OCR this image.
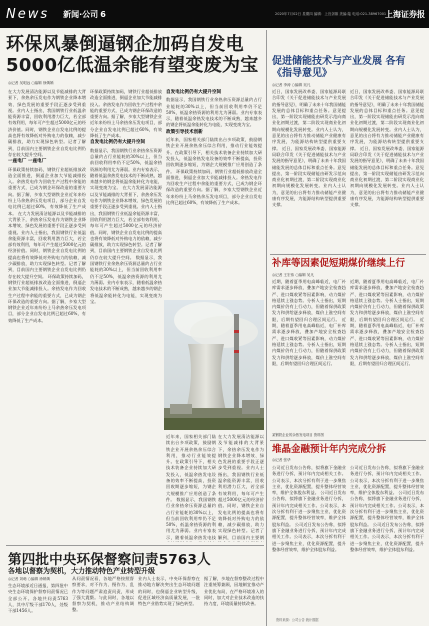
News 新闻·公司 6	2020年7月02日 星期四 编辑：上官剑雄 美编:陆 电话:021-38967001
上海证券报
环保风暴倒逼钢企加码自发电 5000亿低温余能有望变废为宝
◎记者 吴明远 ○编辑 徐嫣嫣
在大力发展清洁能源以及节能减排的大背景下，余热余压发电作为钢铁企业降本增效、绿色发展的重要手段正逐步受到重视。业内人士指出，我国钢铁行业低温余能资源丰富，回收利用潜力巨大，若全部有效利用，每年可产生超过5000亿元的经济价值。同时，钢铁企业自发电比例的提高也将有效降低对外购电力的依赖，减少碳排放，助力实现绿色转型。记者了解到，目前国内主要钢铁企业自发电比例仍存在较大提升空间。
一座电厂 一座电厂
环保政策持续加码，钢铁行业超低排放改造全面推进，倒逼企业加大节能减排投入。余热发电作为回收生产过程中余能的重要方式，已成为钢企环保改造的重要方向。据了解，多家大型钢铁企业近年来纷纷上马余热余压发电项目，部分企业自发电比例已超过60%，有效降低了生产成本。 在大力发展清洁能源以及节能减排的大背景下，余热余压发电作为钢铁企业降本增效、绿色发展的重要手段正逐步受到重视。业内人士指出，我国钢铁行业低温余能资源丰富，回收利用潜力巨大，若全部有效利用，每年可产生超过5000亿元的经济价值。同时，钢铁企业自发电比例的提高也将有效降低对外购电力的依赖，减少碳排放，助力实现绿色转型。记者了解到，目前国内主要钢铁企业自发电比例仍存在较大提升空间。 环保政策持续加码，钢铁行业超低排放改造全面推进，倒逼企业加大节能减排投入。余热发电作为回收生产过程中余能的重要方式，已成为钢企环保改造的重要方向。据了解，多家大型钢铁企业近年来纷纷上马余热余压发电项目，部分企业自发电比例已超过60%，有效降低了生产成本。
环保政策持续加码，钢铁行业超低排放改造全面推进，倒逼企业加大节能减排投入。余热发电作为回收生产过程中余能的重要方式，已成为钢企环保改造的重要方向。据了解，多家大型钢铁企业近年来纷纷上马余热余压发电项目，部分企业自发电比例已超过60%，有效降低了生产成本。
自发电比例仍有大提升空间
数据显示，我国钢铁行业余热余压资源总量约占行业能耗的30%以上，但当前回收利用率仍不足50%，低温余热资源的利用尤为薄弱。业内专家表示，随着低温余热发电技术的不断成熟，越来越多的钢企将低温余能转化为电能，实现变废为宝。 在大力发展清洁能源以及节能减排的大背景下，余热余压发电作为钢铁企业降本增效、绿色发展的重要手段正逐步受到重视。业内人士指出，我国钢铁行业低温余能资源丰富，回收利用潜力巨大，若全部有效利用，每年可产生超过5000亿元的经济价值。同时，钢铁企业自发电比例的提高也将有效降低对外购电力的依赖，减少碳排放，助力实现绿色转型。记者了解到，目前国内主要钢铁企业自发电比例仍存在较大提升空间。 数据显示，我国钢铁行业余热余压资源总量约占行业能耗的30%以上，但当前回收利用率仍不足50%，低温余热资源的利用尤为薄弱。业内专家表示，随着低温余热发电技术的不断成熟，越来越多的钢企将低温余能转化为电能，实现变废为宝。
自发电比例仍有大提升空间
数据显示，我国钢铁行业余热余压资源总量约占行业能耗的30%以上，但当前回收利用率仍不足50%，低温余热资源的利用尤为薄弱。业内专家表示，随着低温余热发电技术的不断成熟，越来越多的钢企将低温余能转化为电能，实现变废为宝。
政策引导技术创新
近年来，国家相关部门陆续出台多项政策，鼓励钢铁企业开展余热余压综合利用，推动行业能效提升。在政策引导下，相关技术装备企业持续加大研发投入，低温余热发电设备的效率不断提高，投资回收期逐步缩短，为钢企大规模推广应用创造了条件。 环保政策持续加码，钢铁行业超低排放改造全面推进，倒逼企业加大节能减排投入。余热发电作为回收生产过程中余能的重要方式，已成为钢企环保改造的重要方向。据了解，多家大型钢铁企业近年来纷纷上马余热余压发电项目，部分企业自发电比例已超过60%，有效降低了生产成本。
近年来，国家相关部门陆续出台多项政策，鼓励钢铁企业开展余热余压综合利用，推动行业能效提升。在政策引导下，相关技术装备企业持续加大研发投入，低温余热发电设备的效率不断提高，投资回收期逐步缩短，为钢企大规模推广应用创造了条件。 数据显示，我国钢铁行业余热余压资源总量约占行业能耗的30%以上，但当前回收利用率仍不足50%，低温余热资源的利用尤为薄弱。业内专家表示，随着低温余热发电技
在大力发展清洁能源以及节能减排的大背景下，余热余压发电作为钢铁企业降本增效、绿色发展的重要手段正逐步受到重视。业内人士指出，我国钢铁行业低温余能资源丰富，回收利用潜力巨大，若全部有效利用，每年可产生超过5000亿元的经济价值。同时，钢铁企业自发电比例的提高也将有效降低对外购电力的依赖，减少碳排放，助力实现绿色转型。记者了解到，目前国内主要钢
某钢铁企业的余热发电项目 资料图
促进储能技术与产业发展 各有《指导意见》
◎记者 李涛 ○编辑 吴凡
近日，国家发展改革委、国家能源局联合印发《关于促进储能技术与产业发展的指导意见》，明确了未来十年我国储能发展的总体目标和重点任务。意见提出，第一阶段实现储能由研发示范向商业化初期过渡，第二阶段实现商业化初期向规模化发展转变。业内人士认为，意见的出台将有力推动储能产业健康有序发展，为能源结构转型提供重要支撑。 近日，国家发展改革委、国家能源局联合印发《关于促进储能技术与产业发展的指导意见》，明确了未来十年我国储能发展的总体目标和重点任务。意见提出，第一阶段实现储能由研发示范向商业化初期过渡，第二阶段实现商业化初期向规模化发展转变。业内人士认为，意见的出台将有力推动储能产业健康有序发展，为能源结构转型提供重要支撑。
近日，国家发展改革委、国家能源局联合印发《关于促进储能技术与产业发展的指导意见》，明确了未来十年我国储能发展的总体目标和重点任务。意见提出，第一阶段实现储能由研发示范向商业化初期过渡，第二阶段实现商业化初期向规模化发展转变。业内人士认为，意见的出台将有力推动储能产业健康有序发展，为能源结构转型提供重要支撑。 近日，国家发展改革委、国家能源局联合印发《关于促进储能技术与产业发展的指导意见》，明确了未来十年我国储能发展的总体目标和重点任务。意见提出，第一阶段实现储能由研发示范向商业化初期过渡，第二阶段实现商业化初期向规模化发展转变。业内人士认为，意见的出台将有力推动储能产业健康有序发展，为能源结构转型提供重要支撑。
补库等因素促短期煤价继续上行
◎记者 王宏伟 ○编辑 吴凡
近期，随着夏季用电高峰临近，电厂补库需求逐步释放，叠加产地安全检查趋严、进口煤收紧等因素影响，动力煤价格延续上涨态势。分析人士指出，短期内煤价仍有上行动力，但随着保供政策发力和供给逐步释放，煤价上涨空间有限，后期有望回归合理区间运行。 近期，随着夏季用电高峰临近，电厂补库需求逐步释放，叠加产地安全检查趋严、进口煤收紧等因素影响，动力煤价格延续上涨态势。分析人士指出，短期内煤价仍有上行动力，但随着保供政策发力和供给逐步释放，煤价上涨空间有限，后期有望回归合理区间运行。
近期，随着夏季用电高峰临近，电厂补库需求逐步释放，叠加产地安全检查趋严、进口煤收紧等因素影响，动力煤价格延续上涨态势。分析人士指出，短期内煤价仍有上行动力，但随着保供政策发力和供给逐步释放，煤价上涨空间有限，后期有望回归合理区间运行。 近期，随着夏季用电高峰临近，电厂补库需求逐步释放，叠加产地安全检查趋严、进口煤收紧等因素影响，动力煤价格延续上涨态势。分析人士指出，短期内煤价仍有上行动力，但随着保供政策发力和供给逐步释放，煤价上涨空间有限，后期有望回归合理区间运行。
堆晶金融预计年内完成分拆
◎记者 张华
公司近日发布公告称，拟将旗下金融业务进行分拆，预计年内完成相关工作。公司表示，本次分拆有利于进一步聚焦主业，优化资源配置，提升整体经营效率，维护全体股东利益。 公司近日发布公告称，拟将旗下金融业务进行分拆，预计年内完成相关工作。公司表示，本次分拆有利于进一步聚焦主业，优化资源配置，提升整体经营效率，维护全体股东利益。 公司近日发布公告称，拟将旗下金融业务进行分拆，预计年内完成相关工作。公司表示，本次分拆有利于进一步聚焦主业，优化资源配置，提升整体经营效率，维护全体股东利益。
公司近日发布公告称，拟将旗下金融业务进行分拆，预计年内完成相关工作。公司表示，本次分拆有利于进一步聚焦主业，优化资源配置，提升整体经营效率，维护全体股东利益。 公司近日发布公告称，拟将旗下金融业务进行分拆，预计年内完成相关工作。公司表示，本次分拆有利于进一步聚焦主业，优化资源配置，提升整体经营效率，维护全体股东利益。 公司近日发布公告称，拟将旗下金融业务进行分拆，预计年内完成相关工作。公司表示，本次分拆有利于进一步聚焦主业，优化资源配置，提升整体经营效率，维护全体股东利益。
资料来源：公司公告 统计数据
第四批中央环保督察问责5763人
各地以督察为契机，大力推动特色产业转型升级
◎记者 刘萌 ○编辑 徐嫣嫣
生态环境部近日通报，第四批中央生态环境保护督察问责情况已全部公开。各地共问责5763人，其中厅级干部170人，处级干部1456人。
从问责情况看，各地严格按照督察要求，对不作为、慢作为、乱作为等问题严肃追责问责，形成了强大震慑。与此同时，各地以督察为契机，推动产业结构调整。
业内人士表示，中央环保督察在推动地方解决突出生态环境问题的同时，也倒逼企业转型升级，促进区域经济高质量发展，一批特色产业借势实现了绿色转型。
据了解，多地在督察整改过程中注重统筹兼顾，因地制宜推动产业优化布局，在严格环境准入的同时，加大对企业技术改造的扶持力度，环境质量持续改善。
